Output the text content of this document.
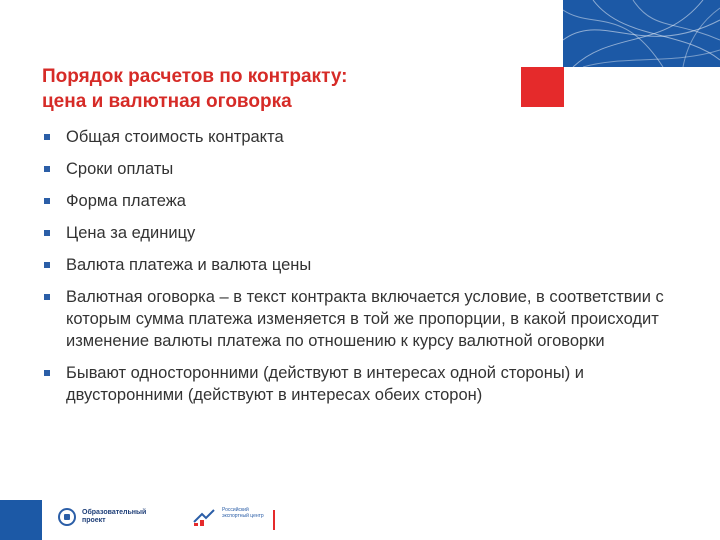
Порядок расчетов по контракту:
цена и валютная оговорка
Общая стоимость контракта
Сроки оплаты
Форма платежа
Цена за единицу
Валюта платежа и валюта цены
Валютная оговорка – в текст контракта включается условие, в соответствии с которым сумма платежа изменяется в той же пропорции, в какой происходит изменение валюты платежа по отношению к курсу валютной оговорки
Бывают односторонними (действуют в интересах одной стороны) и двусторонними (действуют в интересах обеих сторон)
Образовательный проект
Российский экспортный центр
